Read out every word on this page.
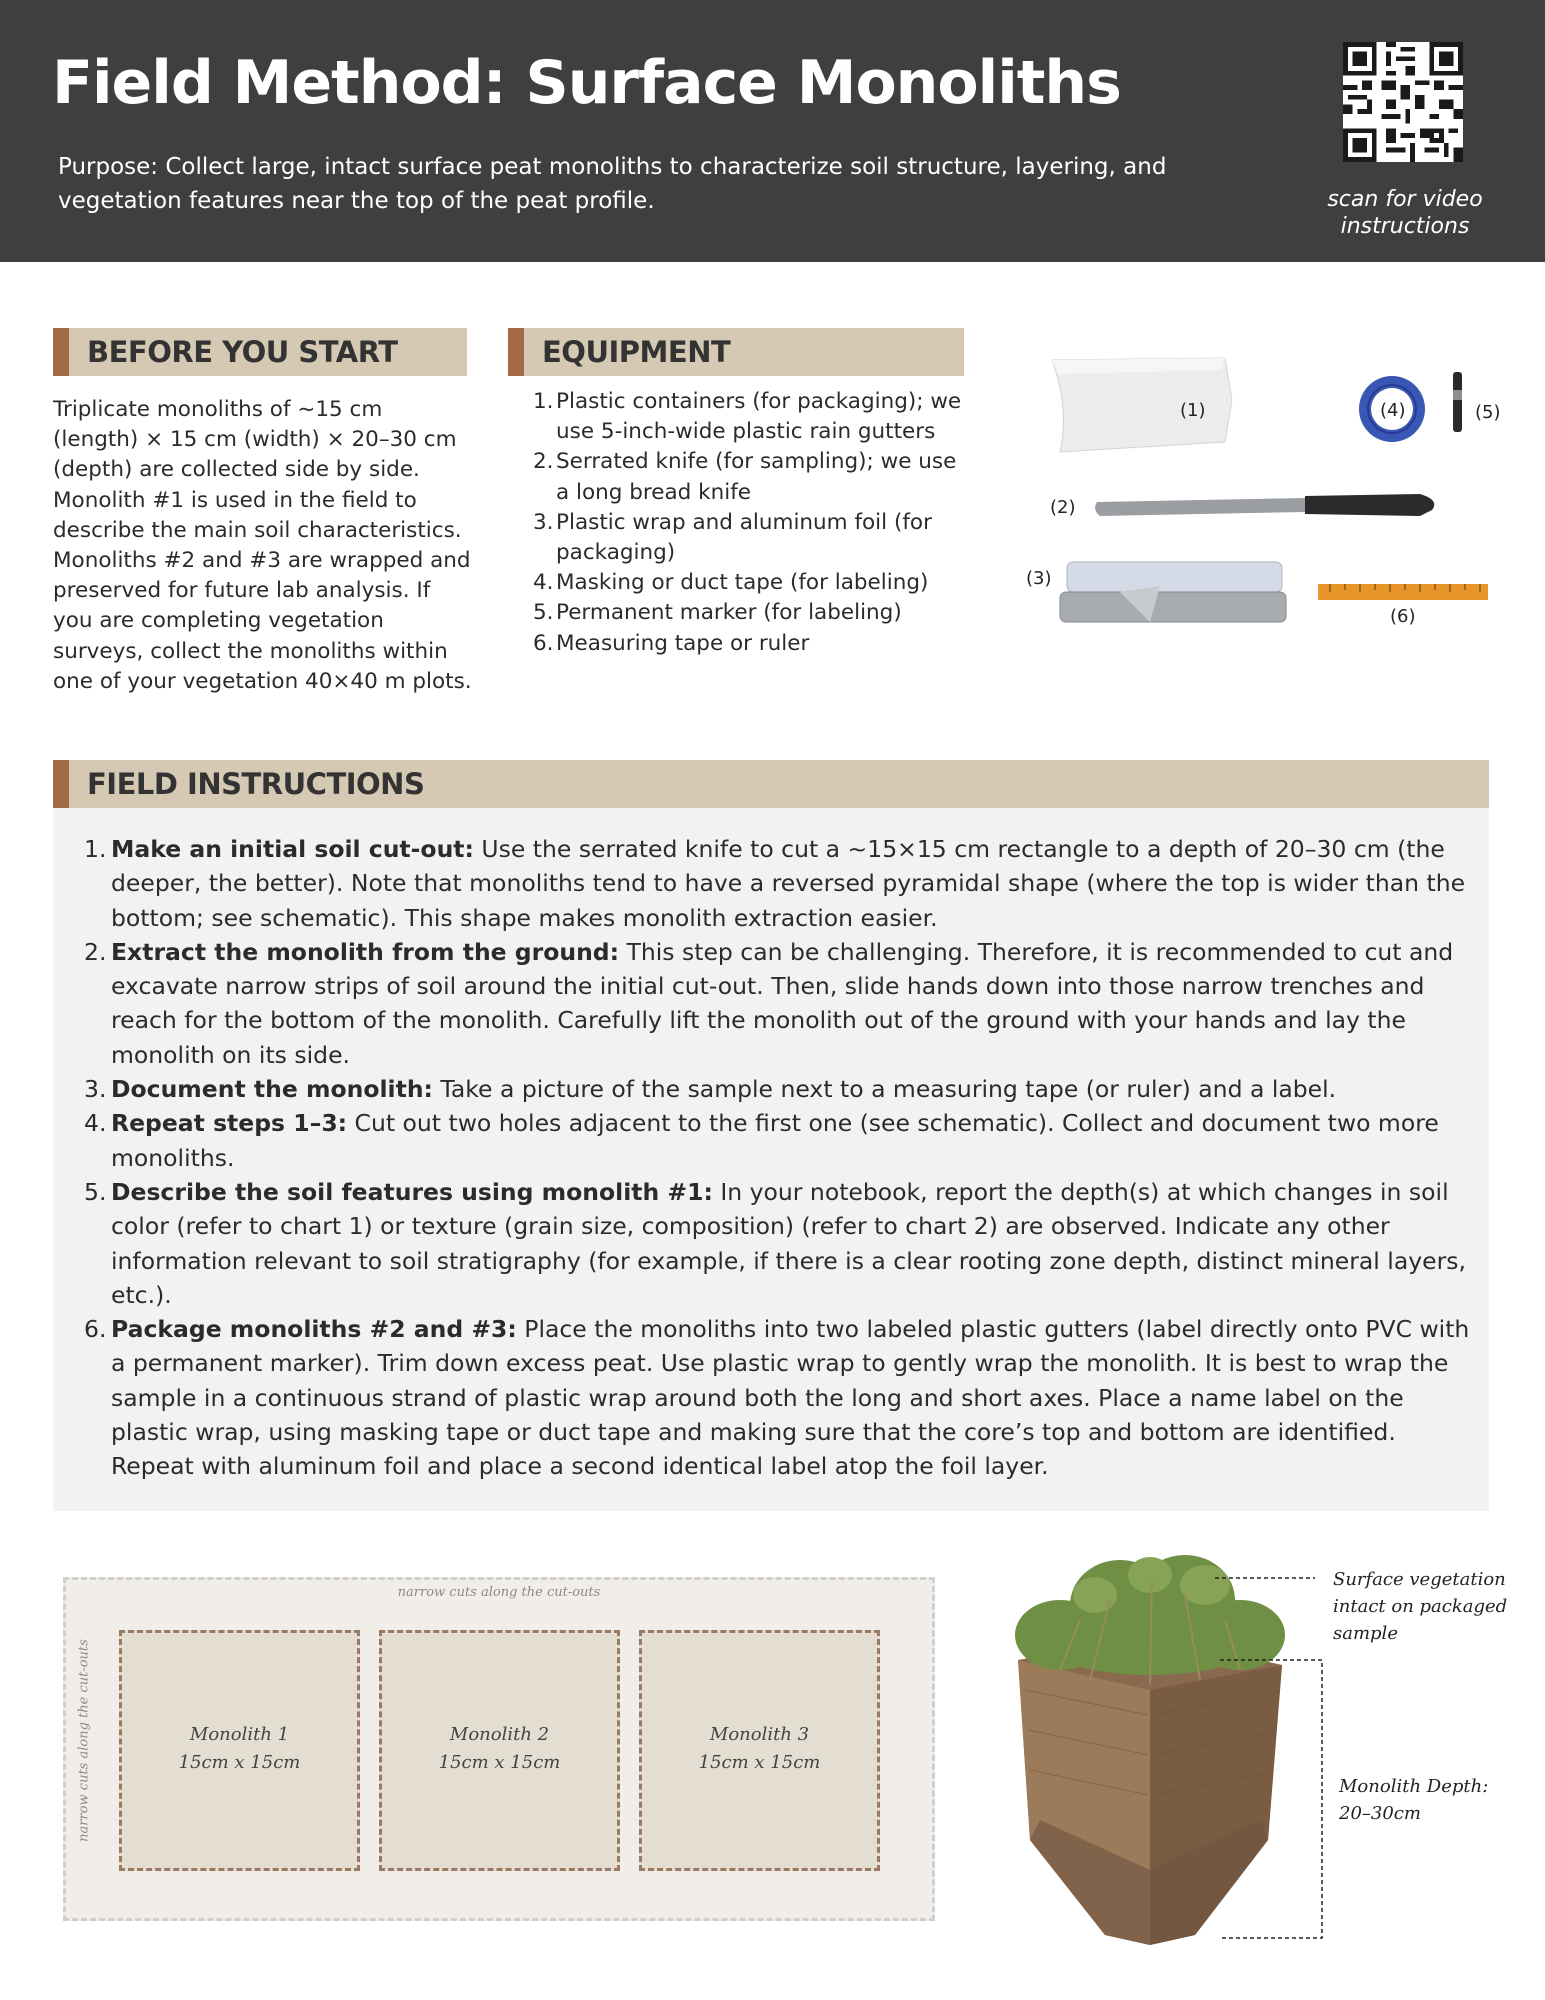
Field Method: Surface Monoliths
Purpose: Collect large, intact surface peat monoliths to characterize soil structure, layering, and vegetation features near the top of the peat profile.	scan for video instructions
BEFORE YOU START
Triplicate monoliths of ~15 cm (length) × 15 cm (width) × 20–30 cm (depth) are collected side by side. Monolith #1 is used in the field to describe the main soil characteristics. Monoliths #2 and #3 are wrapped and preserved for future lab analysis. If you are completing vegetation surveys, collect the monoliths within one of your vegetation 40×40 m plots.
EQUIPMENT
1. Plastic containers (for packaging); we use 5-inch-wide plastic rain gutters
2. Serrated knife (for sampling); we use a long bread knife
3. Plastic wrap and aluminum foil (for packaging)
4. Masking or duct tape (for labeling)
5. Permanent marker (for labeling)
6. Measuring tape or ruler
(1)
(2)
(3)
(4)	(5)
(6)
FIELD INSTRUCTIONS
1. Make an initial soil cut-out: Use the serrated knife to cut a ~15×15 cm rectangle to a depth of 20–30 cm (the deeper, the better). Note that monoliths tend to have a reversed pyramidal shape (where the top is wider than the bottom; see schematic). This shape makes monolith extraction easier.
2. Extract the monolith from the ground: This step can be challenging. Therefore, it is recommended to cut and excavate narrow strips of soil around the initial cut-out. Then, slide hands down into those narrow trenches and reach for the bottom of the monolith. Carefully lift the monolith out of the ground with your hands and lay the monolith on its side.
3. Document the monolith: Take a picture of the sample next to a measuring tape (or ruler) and a label.
4. Repeat steps 1–3: Cut out two holes adjacent to the first one (see schematic). Collect and document two more monoliths.
5. Describe the soil features using monolith #1: In your notebook, report the depth(s) at which changes in soil color (refer to chart 1) or texture (grain size, composition) (refer to chart 2) are observed. Indicate any other information relevant to soil stratigraphy (for example, if there is a clear rooting zone depth, distinct mineral layers, etc.).
6. Package monoliths #2 and #3: Place the monoliths into two labeled plastic gutters (label directly onto PVC with a permanent marker). Trim down excess peat. Use plastic wrap to gently wrap the monolith. It is best to wrap the sample in a continuous strand of plastic wrap around both the long and short axes. Place a name label on the plastic wrap, using masking tape or duct tape and making sure that the core’s top and bottom are identified. Repeat with aluminum foil and place a second identical label atop the foil layer.
narrow cuts along the cut-outs
narrow cuts along the cut-outs	Monolith 1
15cm x 15cm
Monolith 2
15cm x 15cm
Monolith 3
15cm x 15cm
Surface vegetation intact on packaged sample
Monolith Depth:
20–30cm
